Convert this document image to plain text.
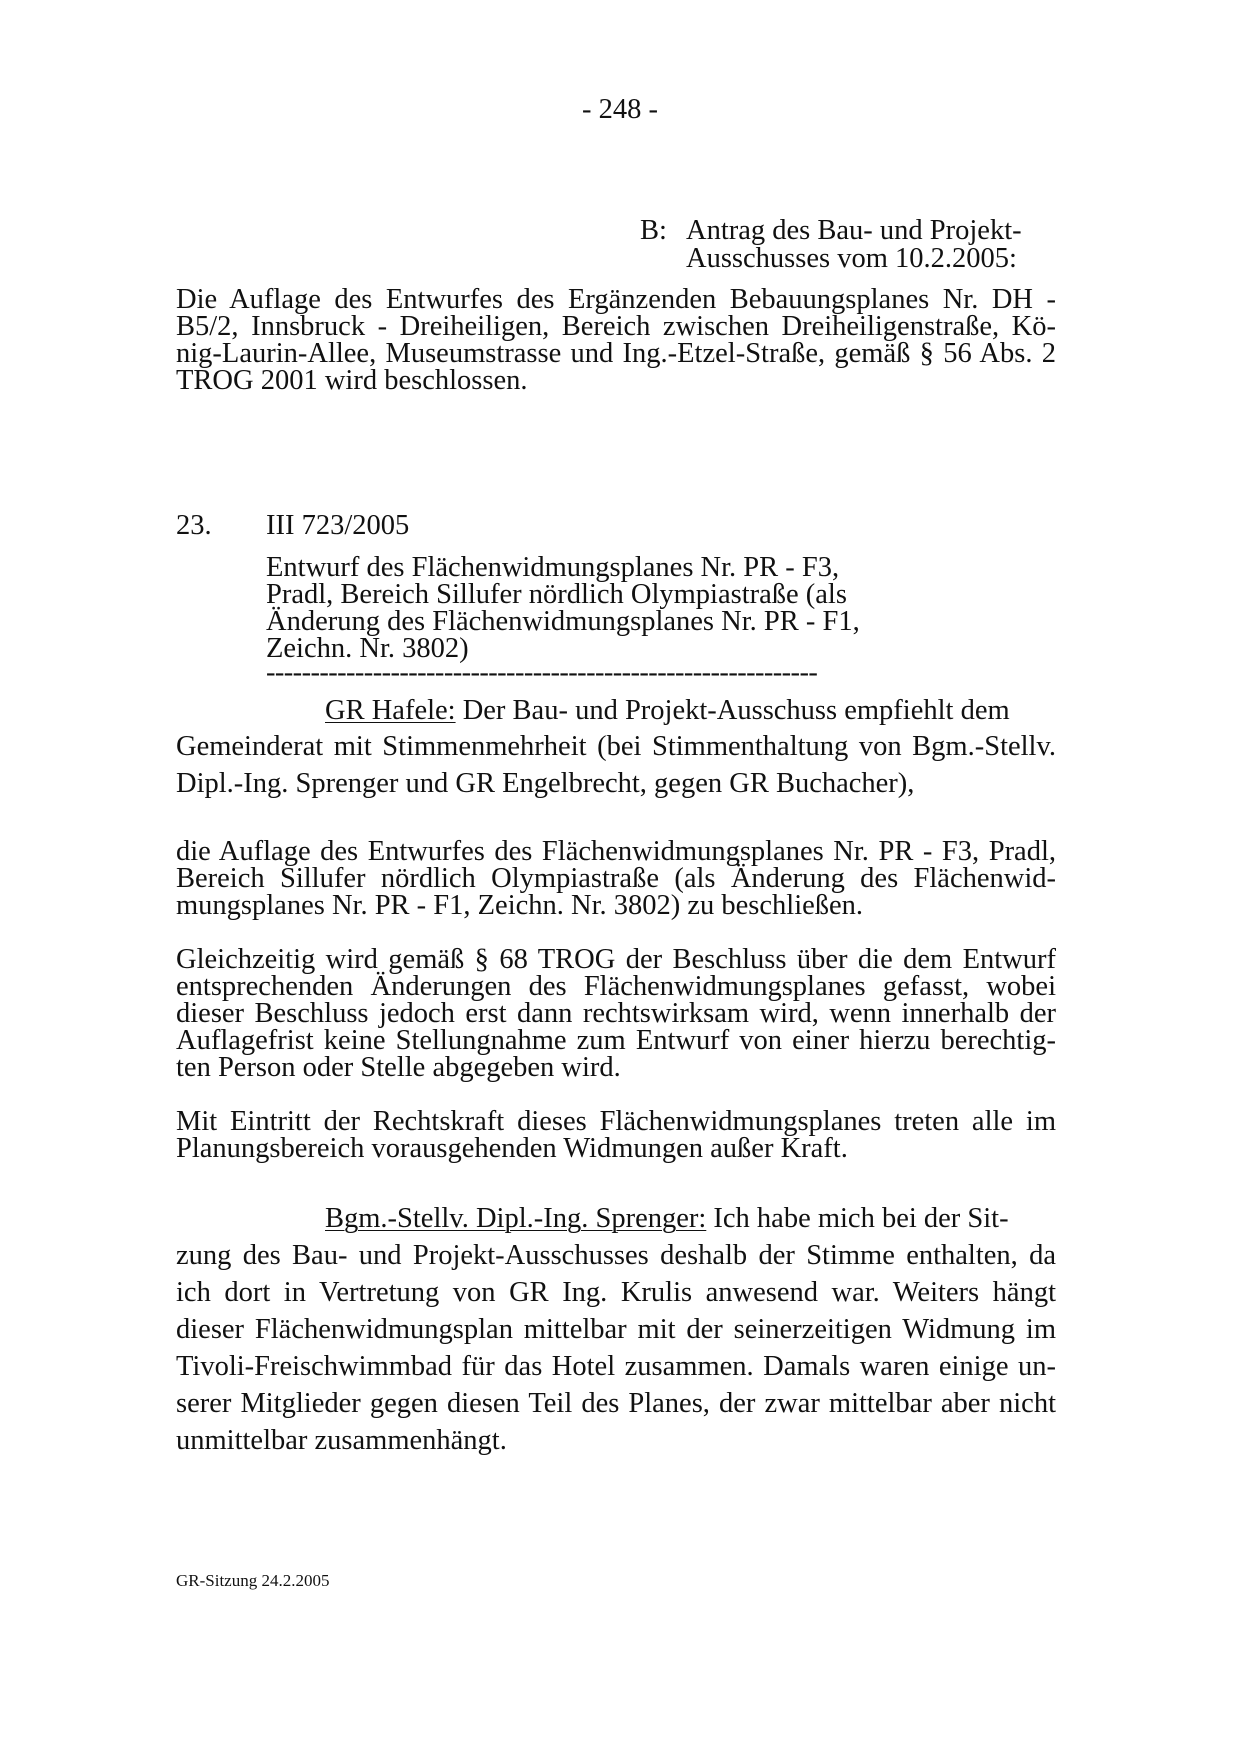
- 248 -

B: Antrag des Bau- und Projekt-

Ausschusses vom 10.2.2005:

Die Auflage des Entwurfes des Ergänzenden Bebauungsplanes Nr. DH -

B5/2, Innsbruck - Dreiheiligen, Bereich zwischen Dreiheiligenstraße, Kö-

nig-Laurin-Allee, Museumstrasse und Ing.-Etzel-Straße, gemäß § 56 Abs. 2

TROG 2001 wird beschlossen.

23. III 723/2005

Entwurf des Flächenwidmungsplanes Nr. PR - F3,

Pradl, Bereich Sillufer nördlich Olympiastraße (als

Änderung des Flächenwidmungsplanes Nr. PR - F1,

Zeichn. Nr. 3802)

--------------------------------------------------------------

GR Hafele: Der Bau- und Projekt-Ausschuss empfiehlt dem

Gemeinderat mit Stimmenmehrheit (bei Stimmenthaltung von Bgm.-Stellv.

Dipl.-Ing. Sprenger und GR Engelbrecht, gegen GR Buchacher),

die Auflage des Entwurfes des Flächenwidmungsplanes Nr. PR - F3, Pradl,

Bereich Sillufer nördlich Olympiastraße (als Änderung des Flächenwid-

mungsplanes Nr. PR - F1, Zeichn. Nr. 3802) zu beschließen.

Gleichzeitig wird gemäß § 68 TROG der Beschluss über die dem Entwurf

entsprechenden Änderungen des Flächenwidmungsplanes gefasst, wobei

dieser Beschluss jedoch erst dann rechtswirksam wird, wenn innerhalb der

Auflagefrist keine Stellungnahme zum Entwurf von einer hierzu berechtig-

ten Person oder Stelle abgegeben wird.

Mit Eintritt der Rechtskraft dieses Flächenwidmungsplanes treten alle im

Planungsbereich vorausgehenden Widmungen außer Kraft.

Bgm.-Stellv. Dipl.-Ing. Sprenger: Ich habe mich bei der Sit-

zung des Bau- und Projekt-Ausschusses deshalb der Stimme enthalten, da

ich dort in Vertretung von GR Ing. Krulis anwesend war. Weiters hängt

dieser Flächenwidmungsplan mittelbar mit der seinerzeitigen Widmung im

Tivoli-Freischwimmbad für das Hotel zusammen. Damals waren einige un-

serer Mitglieder gegen diesen Teil des Planes, der zwar mittelbar aber nicht

unmittelbar zusammenhängt.

GR-Sitzung 24.2.2005
